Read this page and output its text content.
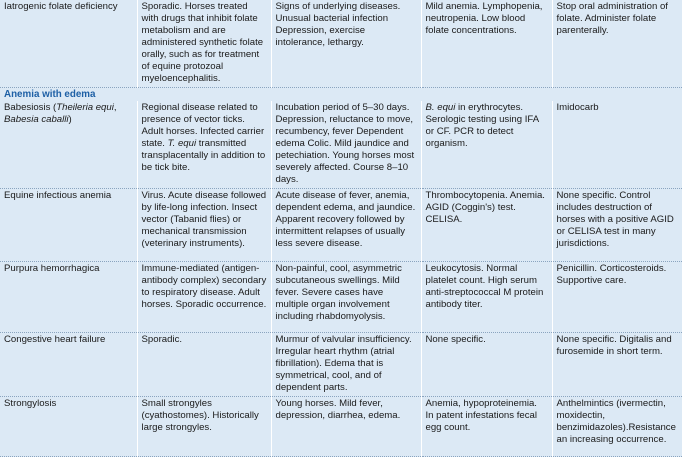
Iatrogenic folate deficiency	Sporadic. Horses treated with drugs that inhibit folate metabolism and are administered synthetic folate orally, such as for treatment of equine protozoal myeloencephalitis.	Signs of underlying diseases. Unusual bacterial infection Depression, exercise intolerance, lethargy.	Mild anemia. Lymphopenia, neutropenia. Low blood folate concentrations.	Stop oral administration of folate. Administer folate parenterally.
Anemia with edema				
Babesiosis (Theileria equi, Babesia caballi)	Regional disease related to presence of vector ticks. Adult horses. Infected carrier state. T. equi transmitted transplacentally in addition to be tick bite.	Incubation period of 5–30 days. Depression, reluctance to move, recumbency, fever Dependent edema Colic. Mild jaundice and petechiation. Young horses most severely affected. Course 8–10 days.	B. equi in erythrocytes. Serologic testing using IFA or CF. PCR to detect organism.	Imidocarb
Equine infectious anemia	Virus. Acute disease followed by life-long infection. Insect vector (Tabanid flies) or mechanical transmission (veterinary instruments).	Acute disease of fever, anemia, dependent edema, and jaundice. Apparent recovery followed by intermittent relapses of usually less severe disease.	Thrombocytopenia. Anemia. AGID (Coggin's) test. CELISA.	None specific. Control includes destruction of horses with a positive AGID or CELISA test in many jurisdictions.
Purpura hemorrhagica	Immune-mediated (antigen-antibody complex) secondary to respiratory disease. Adult horses. Sporadic occurrence.	Non-painful, cool, asymmetric subcutaneous swellings. Mild fever. Severe cases have multiple organ involvement including rhabdomyolysis.	Leukocytosis. Normal platelet count. High serum anti-streptococcal M protein antibody titer.	Penicillin. Corticosteroids. Supportive care.
Congestive heart failure	Sporadic.	Murmur of valvular insufficiency. Irregular heart rhythm (atrial fibrillation). Edema that is symmetrical, cool, and of dependent parts.	None specific.	None specific. Digitalis and furosemide in short term.
Strongylosis	Small strongyles (cyathostomes). Historically large strongyles.	Young horses. Mild fever, depression, diarrhea, edema.	Anemia, hypoproteinemia. In patent infestations fecal egg count.	Anthelmintics (ivermectin, moxidectin, benzimidazoles).Resistance an increasing occurrence.
